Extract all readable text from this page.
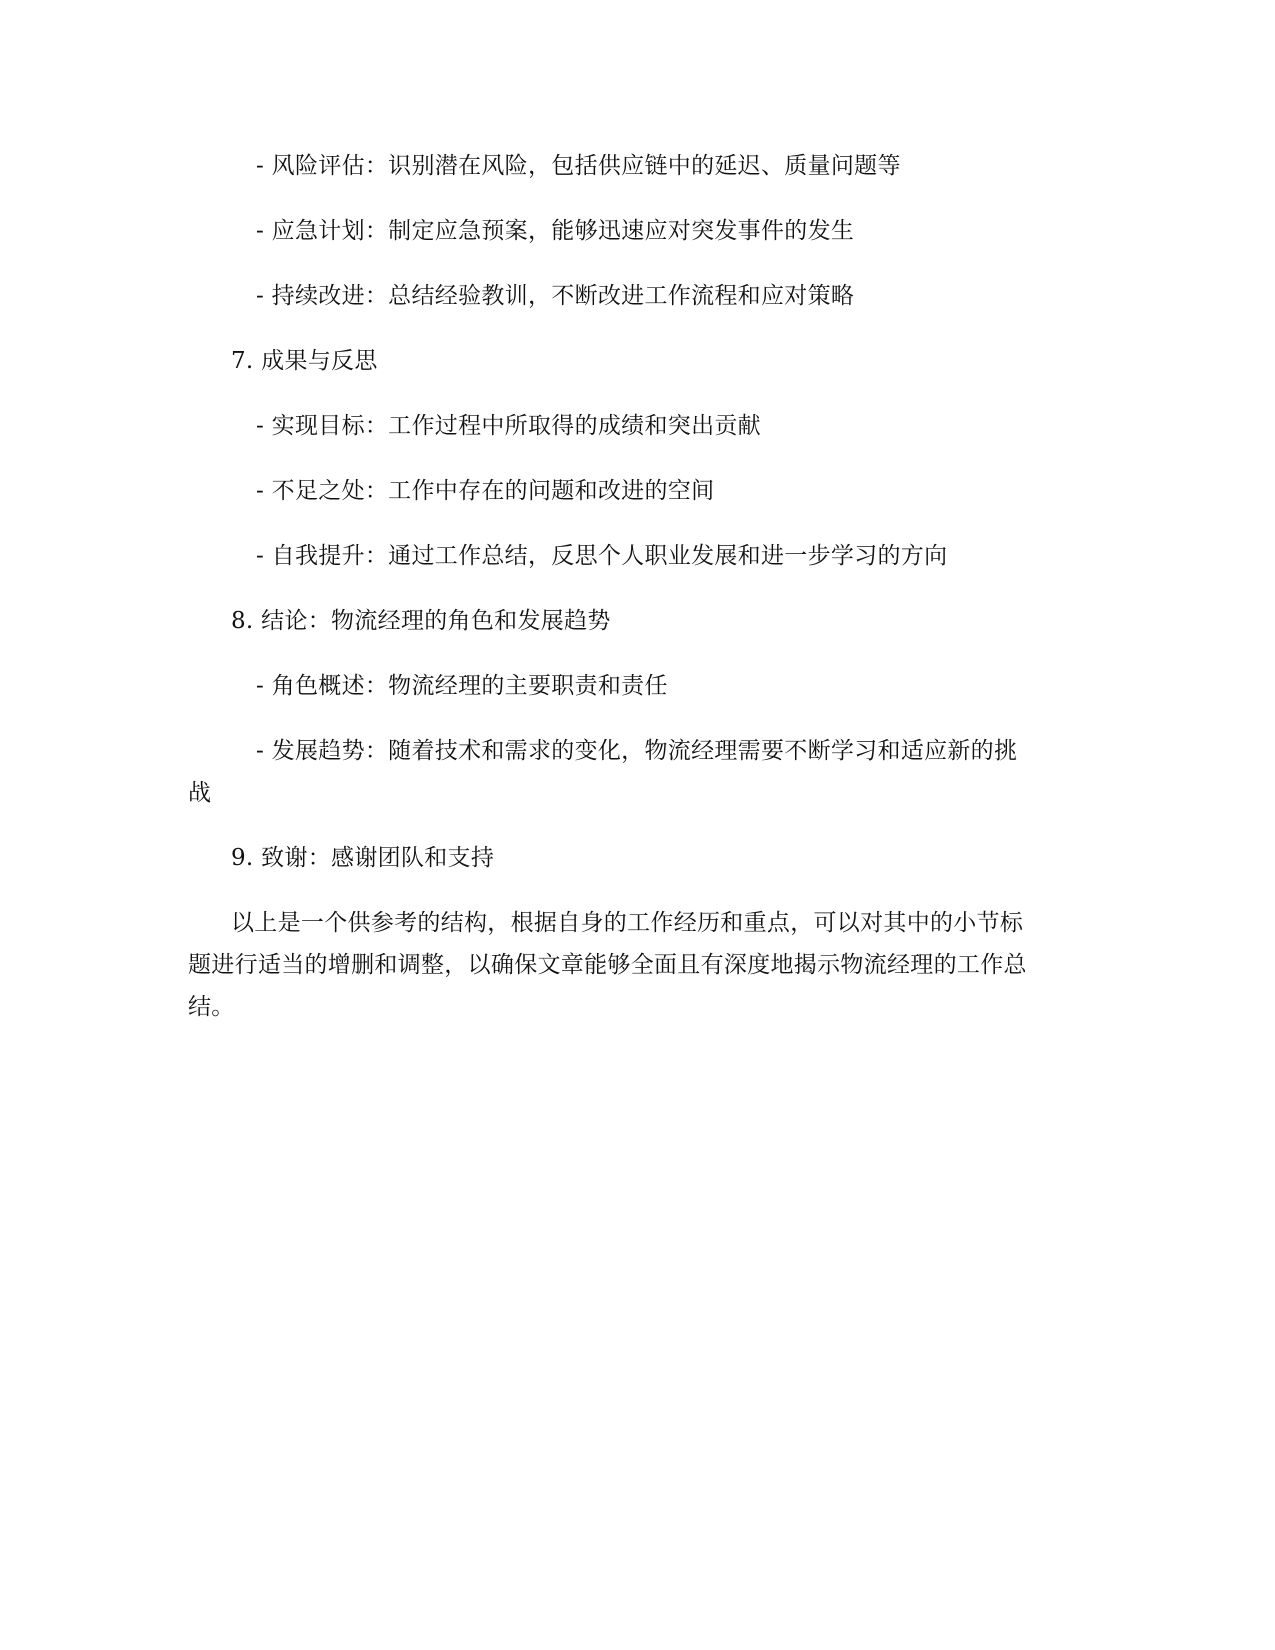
- 风险评估：识别潜在风险，包括供应链中的延迟、质量问题等
- 应急计划：制定应急预案，能够迅速应对突发事件的发生
- 持续改进：总结经验教训，不断改进工作流程和应对策略
7. 成果与反思
- 实现目标：工作过程中所取得的成绩和突出贡献
- 不足之处：工作中存在的问题和改进的空间
- 自我提升：通过工作总结，反思个人职业发展和进一步学习的方向
8. 结论：物流经理的角色和发展趋势
- 角色概述：物流经理的主要职责和责任
- 发展趋势：随着技术和需求的变化，物流经理需要不断学习和适应新的挑
战
9. 致谢：感谢团队和支持
以上是一个供参考的结构，根据自身的工作经历和重点，可以对其中的小节标
题进行适当的增删和调整，以确保文章能够全面且有深度地揭示物流经理的工作总
结。
